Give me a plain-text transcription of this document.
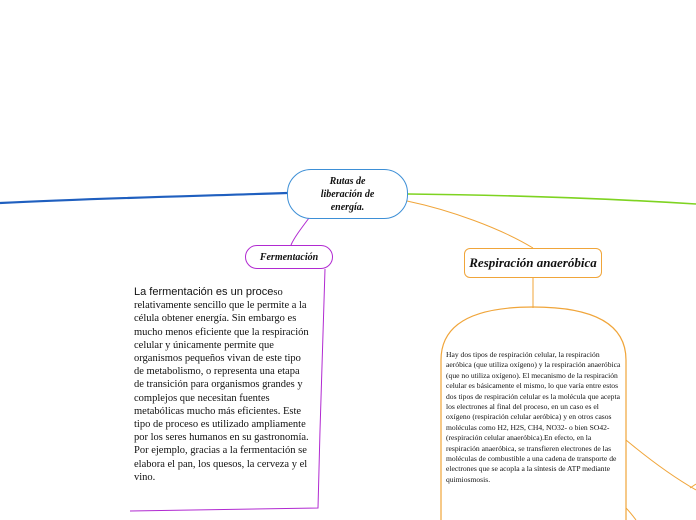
Rutas de liberación de energía.
Fermentación
La fermentación es un proceso relativamente sencillo que le permite a la célula obtener energía. Sin embargo es mucho menos eficiente que la respiración celular y únicamente permite que organismos pequeños vivan de este tipo de metabolismo, o representa una etapa de transición para organismos grandes y complejos que necesitan fuentes metabólicas mucho más eficientes. Este tipo de proceso es utilizado ampliamente por los seres humanos en su gastronomía. Por ejemplo, gracias a la fermentación se elabora el pan, los quesos, la cerveza y el vino.
Respiración anaeróbica
Hay dos tipos de respiración celular, la respiración aeróbica (que utiliza oxígeno) y la respiración anaeróbica (que no utiliza oxígeno). El mecanismo de la respiración celular es básicamente el mismo, lo que varía entre estos dos tipos de respiración celular es la molécula que acepta los electrones al final del proceso, en un caso es el oxígeno (respiración celular aeróbica) y en otros casos moléculas como H2, H2S, CH4, NO32- o bien SO42-(respiración celular anaeróbica).En efecto, en la respiración anaeróbica, se transfieren electrones de las moléculas de combustible a una cadena de transporte de electrones que se acopla a la síntesis de ATP mediante quimiosmosis.
